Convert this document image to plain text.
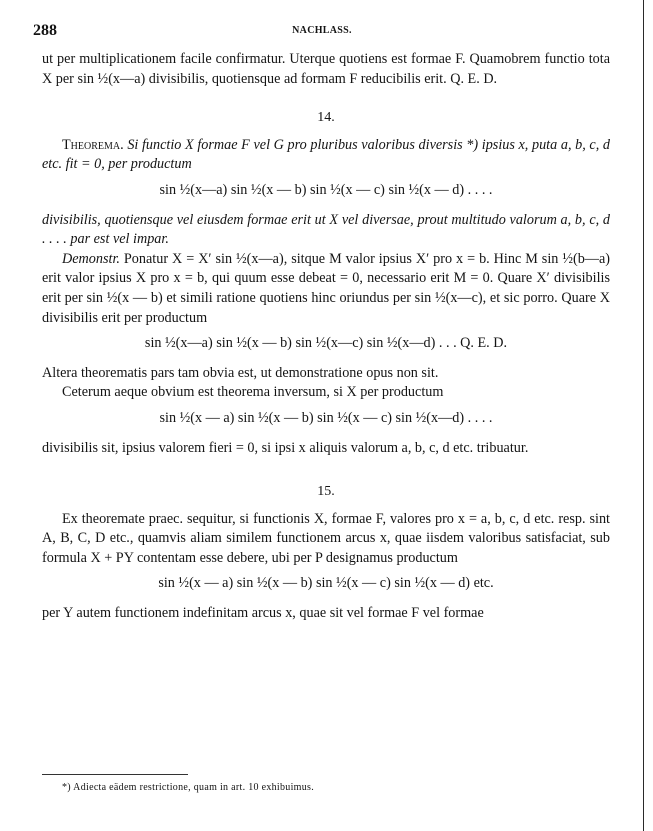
288	NACHLASS.

ut per multiplicationem facile confirmatur. Uterque quotiens est formae F. Quamobrem functio tota X per sin ½(x—a) divisibilis, quotiensque ad formam F reducibilis erit. Q. E. D.

14.

Theorema. Si functio X formae F vel G pro pluribus valoribus diversis *) ipsius x, puta a, b, c, d etc. fit = 0, per productum

sin ½(x—a) sin ½(x — b) sin ½(x — c) sin ½(x — d) . . . .

divisibilis, quotiensque vel eiusdem formae erit ut X vel diversae, prout multitudo valorum a, b, c, d . . . . par est vel impar.

Demonstr. Ponatur X = X′ sin ½(x—a), sitque M valor ipsius X′ pro x = b. Hinc M sin ½(b—a) erit valor ipsius X pro x = b, qui quum esse debeat = 0, necessario erit M = 0. Quare X′ divisibilis erit per sin ½(x — b) et simili ratione quotiens hinc oriundus per sin ½(x—c), et sic porro. Quare X divisibilis erit per productum

sin ½(x—a) sin ½(x — b) sin ½(x—c) sin ½(x—d) . . . Q. E. D.

Altera theorematis pars tam obvia est, ut demonstratione opus non sit.

Ceterum aeque obvium est theorema inversum, si X per productum

sin ½(x — a) sin ½(x — b) sin ½(x — c) sin ½(x—d) . . . .

divisibilis sit, ipsius valorem fieri = 0, si ipsi x aliquis valorum a, b, c, d etc. tribuatur.

15.

Ex theoremate praec. sequitur, si functionis X, formae F, valores pro x = a, b, c, d etc. resp. sint A, B, C, D etc., quamvis aliam similem functionem arcus x, quae iisdem valoribus satisfaciat, sub formula X + PY contentam esse debere, ubi per P designamus productum

sin ½(x — a) sin ½(x — b) sin ½(x — c) sin ½(x — d) etc.

per Y autem functionem indefinitam arcus x, quae sit vel formae F vel formae

*) Adiecta eädem restrictione, quam in art. 10 exhibuimus.
